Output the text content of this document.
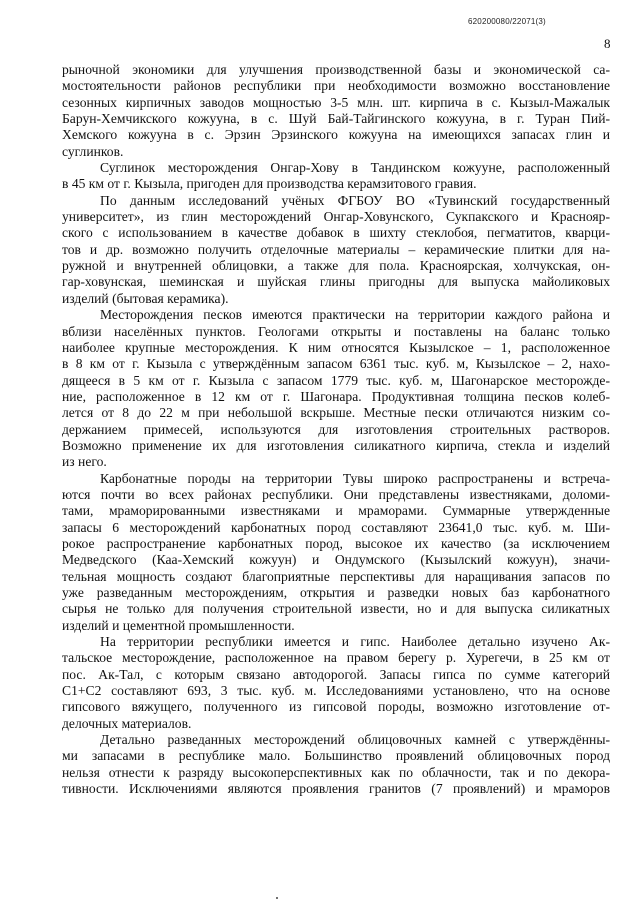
620200080/22071(3)
8
рыночной экономики для улучшения производственной базы и экономической са-
мостоятельности районов республики при необходимости возможно восстановление
сезонных кирпичных заводов мощностью 3-5 млн. шт. кирпича в с. Кызыл-Мажалык
Барун-Хемчикского кожууна, в с. Шуй Бай-Тайгинского кожууна, в г. Туран Пий-
Хемского кожууна в с. Эрзин Эрзинского кожууна на имеющихся запасах глин и
суглинков.
Суглинок месторождения Онгар-Хову в Тандинском кожууне, расположенный
в 45 км от г. Кызыла, пригоден для производства керамзитового гравия.
По данным исследований учёных ФГБОУ ВО «Тувинский государственный
университет», из глин месторождений Онгар-Ховунского, Сукпакского и Краснояр-
ского с использованием в качестве добавок в шихту стеклобоя, пегматитов, кварци-
тов и др. возможно получить отделочные материалы – керамические плитки для на-
ружной и внутренней облицовки, а также для пола. Красноярская, холчукская, он-
гар-ховунская, шеминская и шуйская глины пригодны для выпуска майоликовых
изделий (бытовая керамика).
Месторождения песков имеются практически на территории каждого района и
вблизи населённых пунктов. Геологами открыты и поставлены на баланс только
наиболее крупные месторождения. К ним относятся Кызылское – 1, расположенное
в 8 км от г. Кызыла с утверждённым запасом 6361 тыс. куб. м, Кызылское – 2, нахо-
дящееся в 5 км от г. Кызыла с запасом 1779 тыс. куб. м, Шагонарское месторожде-
ние, расположенное в 12 км от г. Шагонара. Продуктивная толщина песков колеб-
лется от 8 до 22 м при небольшой вскрыше. Местные пески отличаются низким со-
держанием примесей, используются для изготовления строительных растворов.
Возможно применение их для изготовления силикатного кирпича, стекла и изделий
из него.
Карбонатные породы на территории Тувы широко распространены и встреча-
ются почти во всех районах республики. Они представлены известняками, доломи-
тами, мраморированными известняками и мраморами. Суммарные утвержденные
запасы 6 месторождений карбонатных пород составляют 23641,0 тыс. куб. м. Ши-
рокое распространение карбонатных пород, высокое их качество (за исключением
Медведского (Каа-Хемский кожуун) и Ондумского (Кызылский кожуун), значи-
тельная мощность создают благоприятные перспективы для наращивания запасов по
уже разведанным месторождениям, открытия и разведки новых баз карбонатного
сырья не только для получения строительной извести, но и для выпуска силикатных
изделий и цементной промышленности.
На территории республики имеется и гипс. Наиболее детально изучено Ак-
тальское месторождение, расположенное на правом берегу р. Хурегечи, в 25 км от
пос. Ак-Тал, с которым связано автодорогой. Запасы гипса по сумме категорий
С1+С2 составляют 693, 3 тыс. куб. м. Исследованиями установлено, что на основе
гипсового вяжущего, полученного из гипсовой породы, возможно изготовление от-
делочных материалов.
Детально разведанных месторождений облицовочных камней с утверждённы-
ми запасами в республике мало. Большинство проявлений облицовочных пород
нельзя отнести к разряду высокоперспективных как по облачности, так и по декора-
тивности. Исключениями являются проявления гранитов (7 проявлений) и мраморов
